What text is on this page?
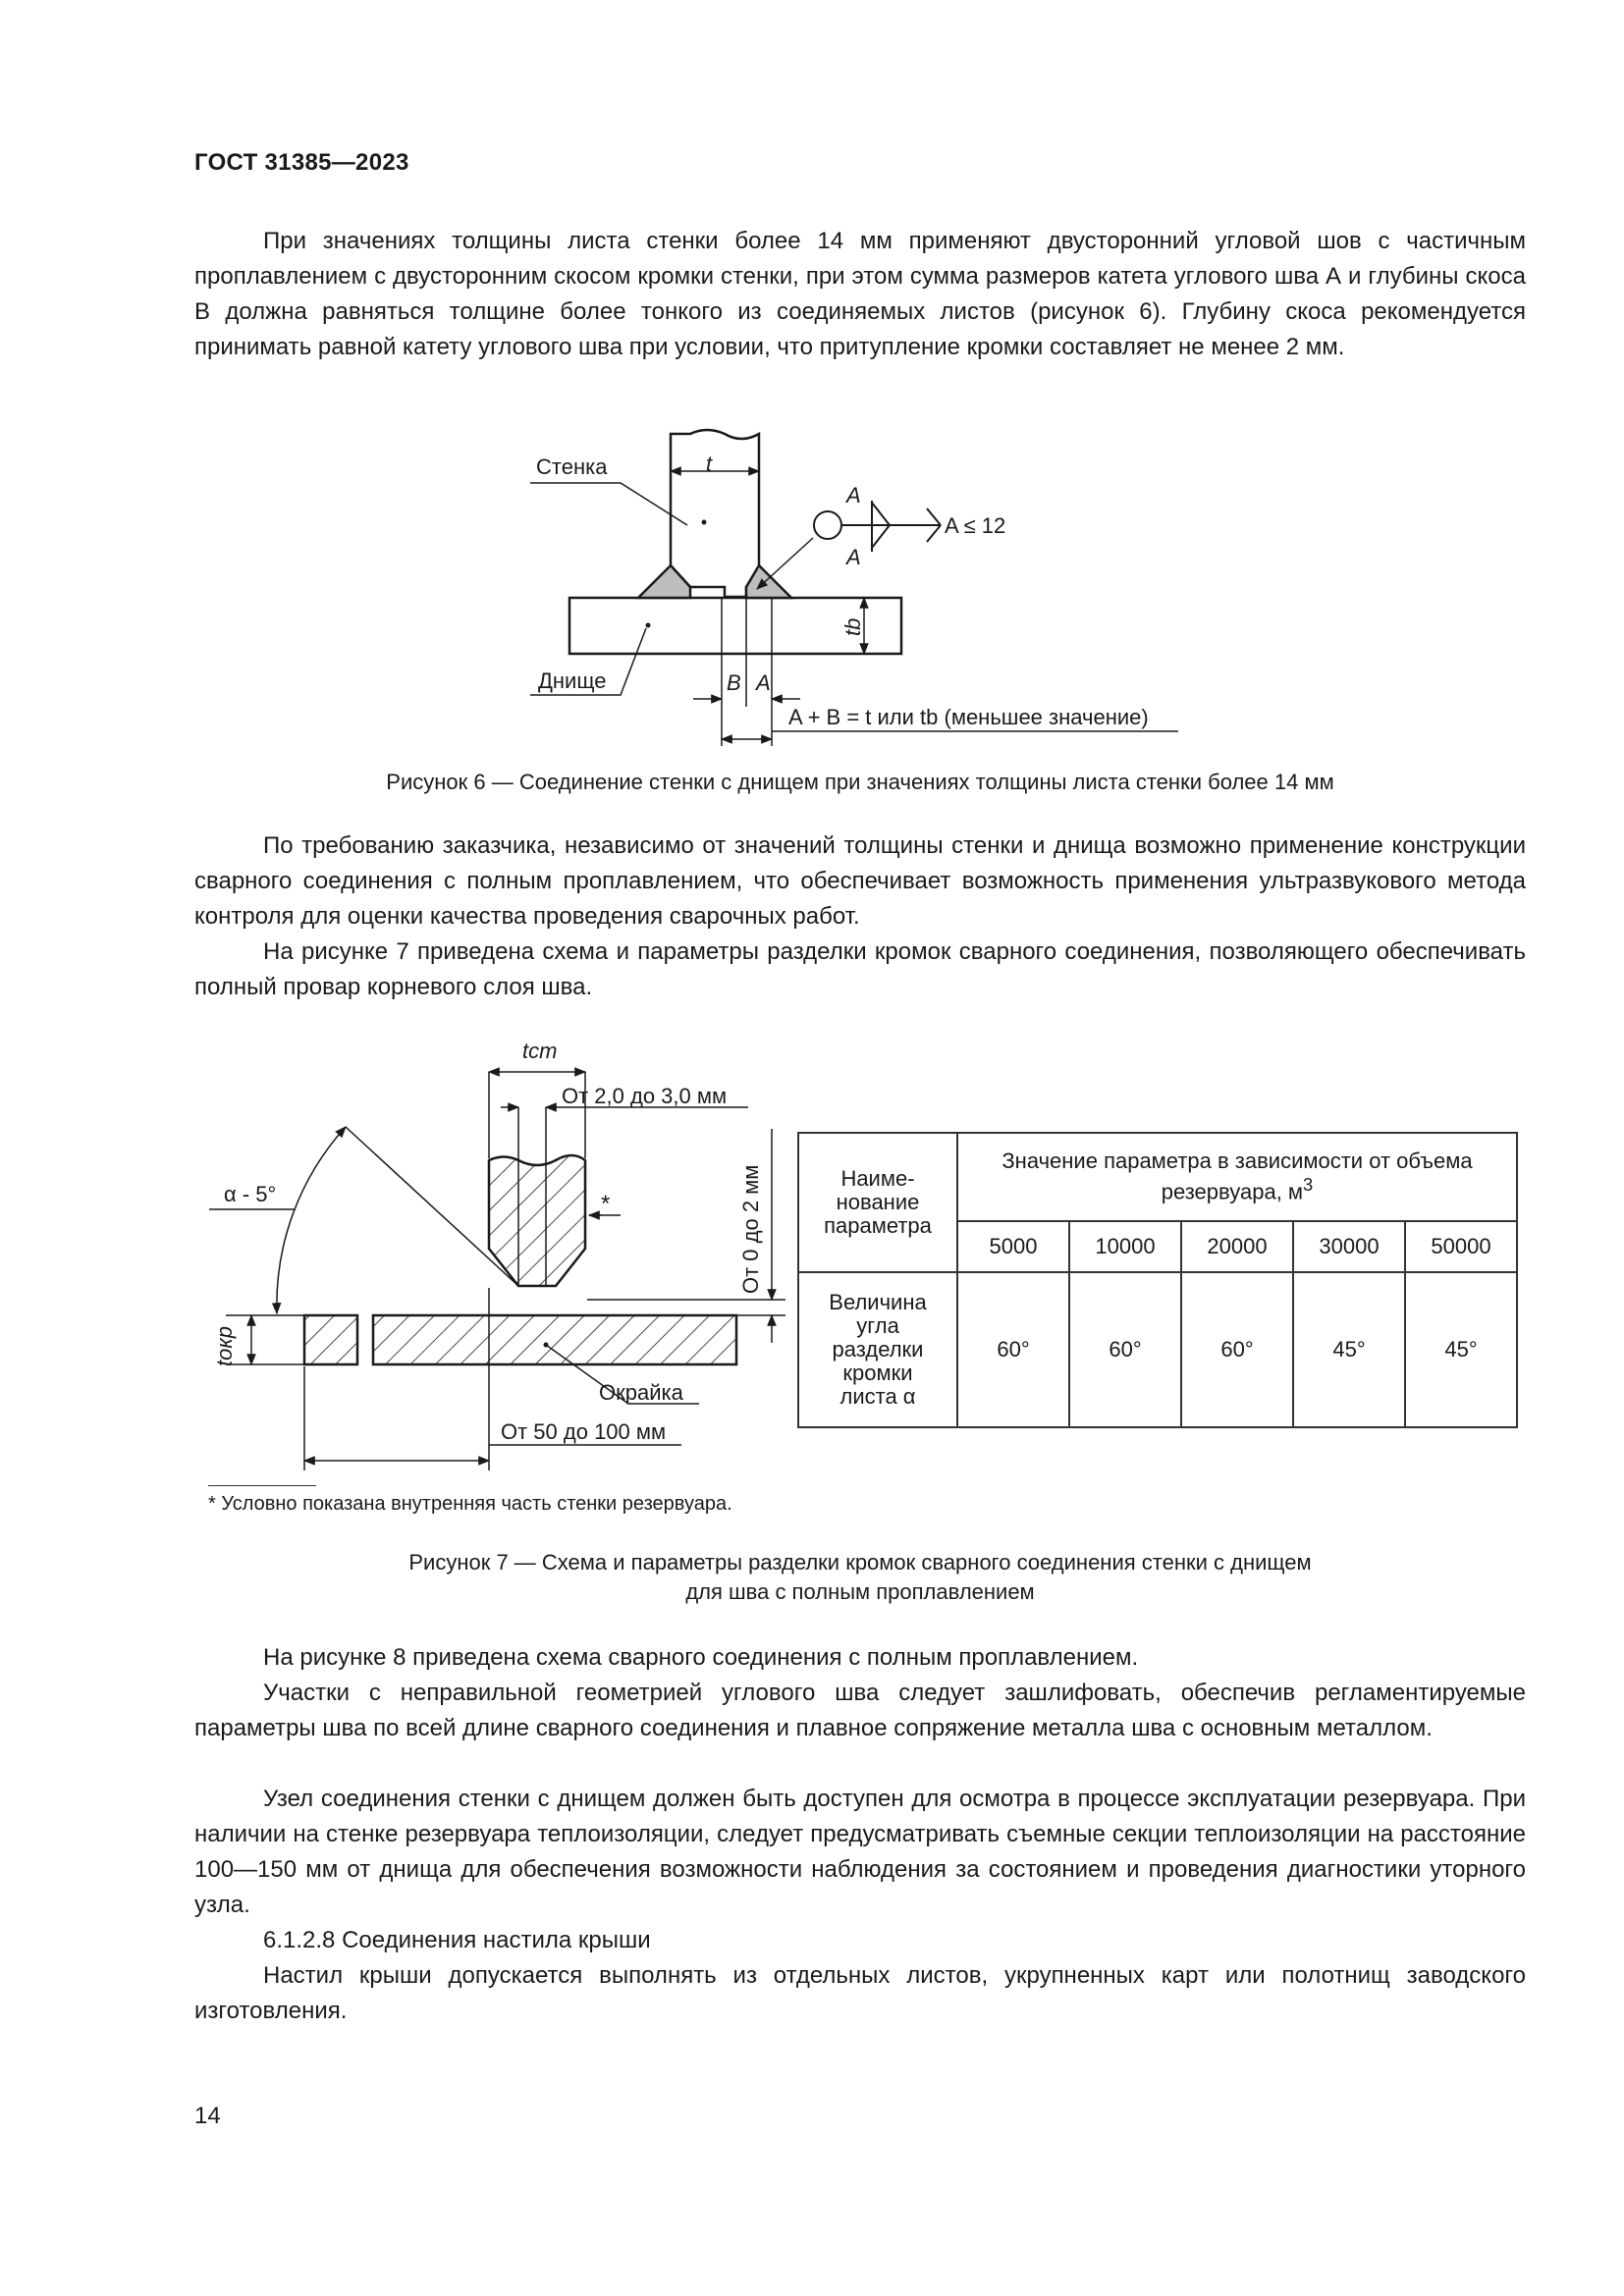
ГОСТ 31385—2023

При значениях толщины листа стенки более 14 мм применяют двусторонний угловой шов с частичным проплавлением с двусторонним скосом кромки стенки, при этом сумма размеров катета углового шва А и глубины скоса В должна равняться толщине более тонкого из соединяемых листов (рисунок 6). Глубину скоса рекомендуется принимать равной катету углового шва при условии, что притупление кромки составляет не менее 2 мм.

Стенка	t
A
A
A ≤ 12
tb
Днище	B A
A + B = t или tb (меньшее значение)
Рисунок 6 — Соединение стенки с днищем при значениях толщины листа стенки более 14 мм

По требованию заказчика, независимо от значений толщины стенки и днища возможно применение конструкции сварного соединения с полным проплавлением, что обеспечивает возможность применения ультразвукового метода контроля для оценки качества проведения сварочных работ.

На рисунке 7 приведена схема и параметры разделки кромок сварного соединения, позволяющего обеспечивать полный провар корневого слоя шва.

tст
От 2,0 до 3,0 мм
α - 5°	*	От 0 до 2 мм
tокр
Окрайка
От 50 до 100 мм
Наиме-
нование
параметра	Значение параметра в зависимости от объема резервуара, $м^3$
	5000	10000	20000	30000	50000

Величина
угла
разделки
кромки
листа α	60°	60°	60°	45°	45°
* Условно показана внутренняя часть стенки резервуара.
Рисунок 7 — Схема и параметры разделки кромок сварного соединения стенки с днищем
для шва с полным проплавлением

На рисунке 8 приведена схема сварного соединения с полным проплавлением.

Участки с неправильной геометрией углового шва следует зашлифовать, обеспечив регламентируемые параметры шва по всей длине сварного соединения и плавное сопряжение металла шва с основным металлом.

Узел соединения стенки с днищем должен быть доступен для осмотра в процессе эксплуатации резервуара. При наличии на стенке резервуара теплоизоляции, следует предусматривать съемные секции теплоизоляции на расстояние 100—150 мм от днища для обеспечения возможности наблюдения за состоянием и проведения диагностики уторного узла.

6.1.2.8 Соединения настила крыши

Настил крыши допускается выполнять из отдельных листов, укрупненных карт или полотнищ заводского изготовления.

14
